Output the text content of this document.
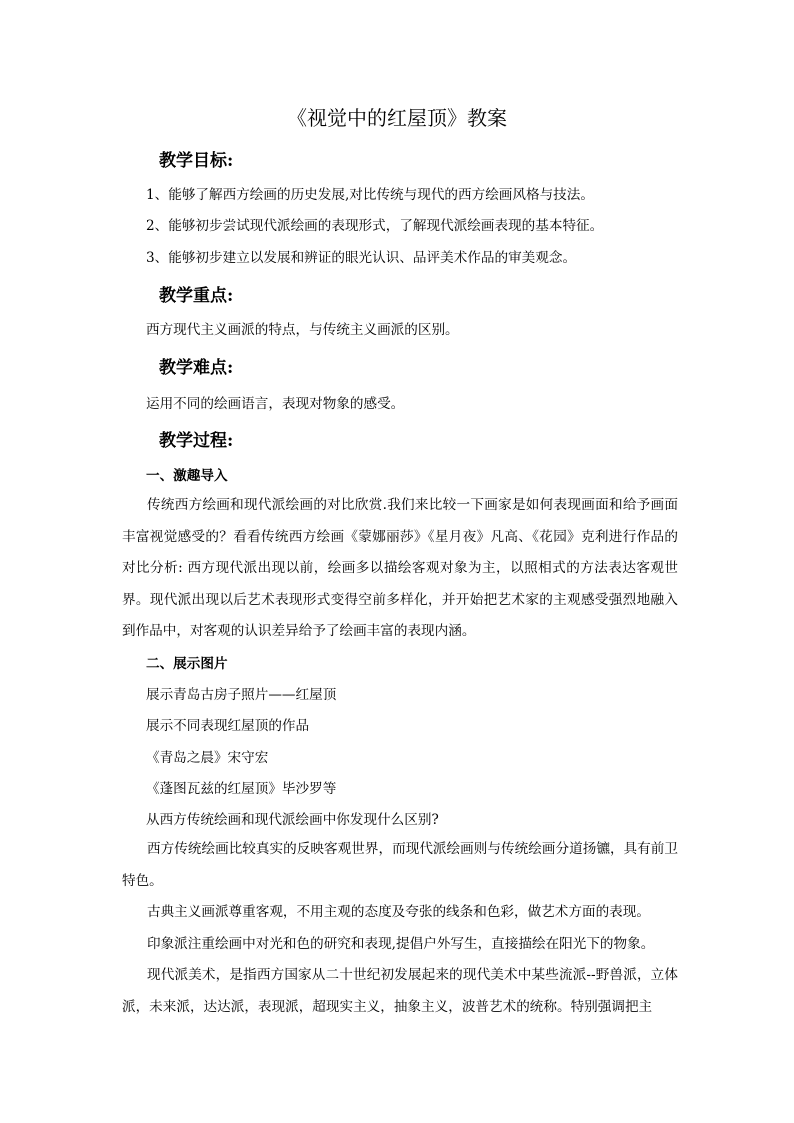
《视觉中的红屋顶》教案
教学目标:
1、能够了解西方绘画的历史发展,对比传统与现代的西方绘画风格与技法。
2、能够初步尝试现代派绘画的表现形式，了解现代派绘画表现的基本特征。
3、能够初步建立以发展和辨证的眼光认识、品评美术作品的审美观念。
教学重点:
西方现代主义画派的特点，与传统主义画派的区别。
教学难点:
运用不同的绘画语言，表现对物象的感受。
教学过程:
一、激趣导入
传统西方绘画和现代派绘画的对比欣赏.我们来比较一下画家是如何表现画面和给予画面丰富视觉感受的？看看传统西方绘画《蒙娜丽莎》《星月夜》凡高、《花园》克利进行作品的对比分析: 西方现代派出现以前，绘画多以描绘客观对象为主，以照相式的方法表达客观世界。现代派出现以后艺术表现形式变得空前多样化，并开始把艺术家的主观感受强烈地融入到作品中，对客观的认识差异给予了绘画丰富的表现内涵。
二、展示图片
展示青岛古房子照片——红屋顶
展示不同表现红屋顶的作品
《青岛之晨》宋守宏
《蓬图瓦兹的红屋顶》毕沙罗等
从西方传统绘画和现代派绘画中你发现什么区别?
西方传统绘画比较真实的反映客观世界，而现代派绘画则与传统绘画分道扬镳，具有前卫特色。
古典主义画派尊重客观，不用主观的态度及夸张的线条和色彩，做艺术方面的表现。
印象派注重绘画中对光和色的研究和表现,提倡户外写生，直接描绘在阳光下的物象。
现代派美术，是指西方国家从二十世纪初发展起来的现代美术中某些流派--野兽派，立体派，未来派，达达派，表现派，超现实主义，抽象主义，波普艺术的统称。特别强调把主
